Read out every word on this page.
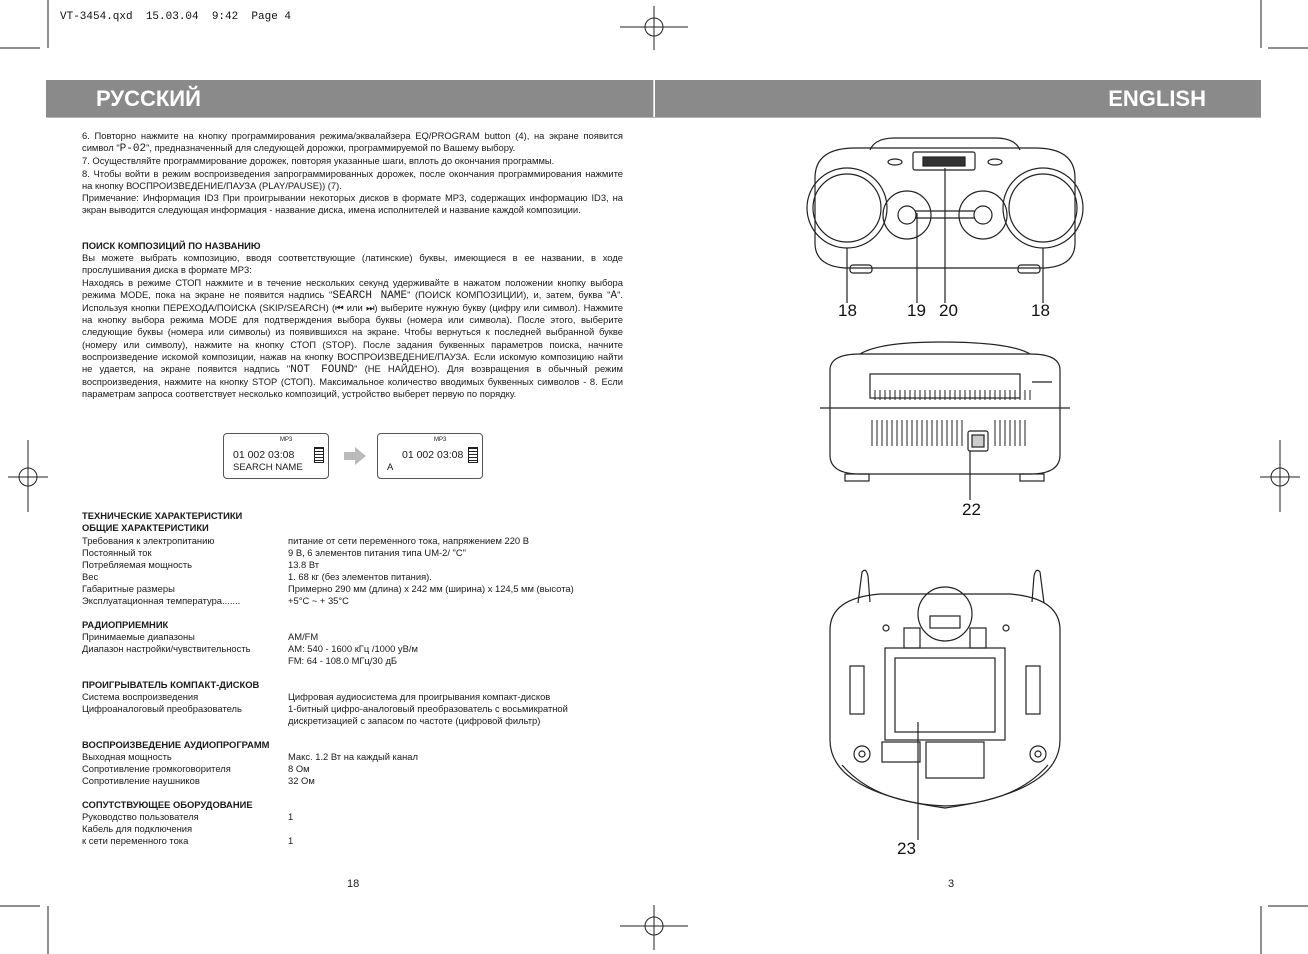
VT-3454.qxd  15.03.04  9:42  Page 4
РУССКИЙ	ENGLISH

6. Повторно нажмите на кнопку программирования режима/эквалайзера EQ/PROGRAM button (4), на экране появится символ "P-02", предназначенный для следующей дорожки, программируемой по Вашему выбору.

7. Осуществляйте программирование дорожек, повторяя указанные шаги, вплоть до окончания программы.

8. Чтобы войти в режим воспроизведения запрограммированных дорожек, после окончания программирования нажмите на кнопку ВОСПРОИЗВЕДЕНИЕ/ПАУЗА (PLAY/PAUSE)) (7).

Примечание: Информация ID3 При проигрывании некоторых дисков в формате MP3, содержащих информацию ID3, на экран выводится следующая информация - название диска, имена исполнителей и название каждой композиции.

ПОИСК КОМПОЗИЦИЙ ПО НАЗВАНИЮ

Вы можете выбрать композицию, вводя соответствующие (латинские) буквы, имеющиеся в ее названии, в ходе прослушивания диска в формате MP3:

Находясь в режиме СТОП нажмите и в течение нескольких секунд удерживайте в нажатом положении кнопку выбора режима MODE, пока на экране не появится надпись "SEARCH NAME" (ПОИСК КОМПОЗИЦИИ), и, затем, буква "A". Используя кнопки ПЕРЕХОДА/ПОИСКА (SKIP/SEARCH) (⏮ или ⏭) выберите нужную букву (цифру или символ). Нажмите на кнопку выбора режима MODE для подтверждения выбора буквы (номера или символа). После этого, выберите следующие буквы (номера или символы) из появившихся на экране. Чтобы вернуться к последней выбранной букве (номеру или символу), нажмите на кнопку СТОП (STOP). После задания буквенных параметров поиска, начните воспроизведение искомой композиции, нажав на кнопку ВОСПРОИЗВЕДЕНИЕ/ПАУЗА. Если искомую композицию найти не удается, на экране появится надпись "NOT FOUND" (НЕ НАЙДЕНО). Для возвращения в обычный режим воспроизведения, нажмите на кнопку STOP (СТОП). Максимальное количество вводимых буквенных символов - 8. Если параметрам запроса соответствует несколько композиций, устройство выберет первую по порядку.

MP3
01 002 03:08
SEARCH NAME
MP3
01 002 03:08
A
ТЕХНИЧЕСКИЕ ХАРАКТЕРИСТИКИ
ОБЩИЕ ХАРАКТЕРИСТИКИ
Требования к электропитанию	питание от сети переменного тока, напряжением 220 В
Постоянный ток	9 В, 6 элементов питания типа UM-2/ "C"
Потребляемая мощность	13.8 Вт
Вес	1. 68 кг (без элементов питания).
Габаритные размеры	Примерно 290 мм (длина) x 242 мм (ширина) x 124,5 мм (высота)
Эксплуатационная температура.......	+5°C ~ + 35°C
РАДИОПРИЕМНИК
Принимаемые диапазоны	AM/FM
Диапазон настройки/чувствительность	AM: 540 - 1600 кГц /1000 уВ/м
FM: 64 - 108.0 МГц/30 дБ
ПРОИГРЫВАТЕЛЬ КОМПАКТ-ДИСКОВ
Система воспроизведения	Цифровая аудиосистема для проигрывания компакт-дисков
Цифроаналоговый преобразователь	1-битный цифро-аналоговый преобразователь с восьмикратной
дискретизацией с запасом по частоте (цифровой фильтр)
ВОСПРОИЗВЕДЕНИЕ АУДИОПРОГРАММ
Выходная мощность	Макс. 1.2 Вт на каждый канал
Сопротивление громкоговорителя	8 Ом
Сопротивление наушников	32 Ом
СОПУТСТВУЮЩЕЕ ОБОРУДОВАНИЕ
Руководство пользователя	1
Кабель для подключения
к сети переменного тока	1
18	19 20	18
22
23
18	3
